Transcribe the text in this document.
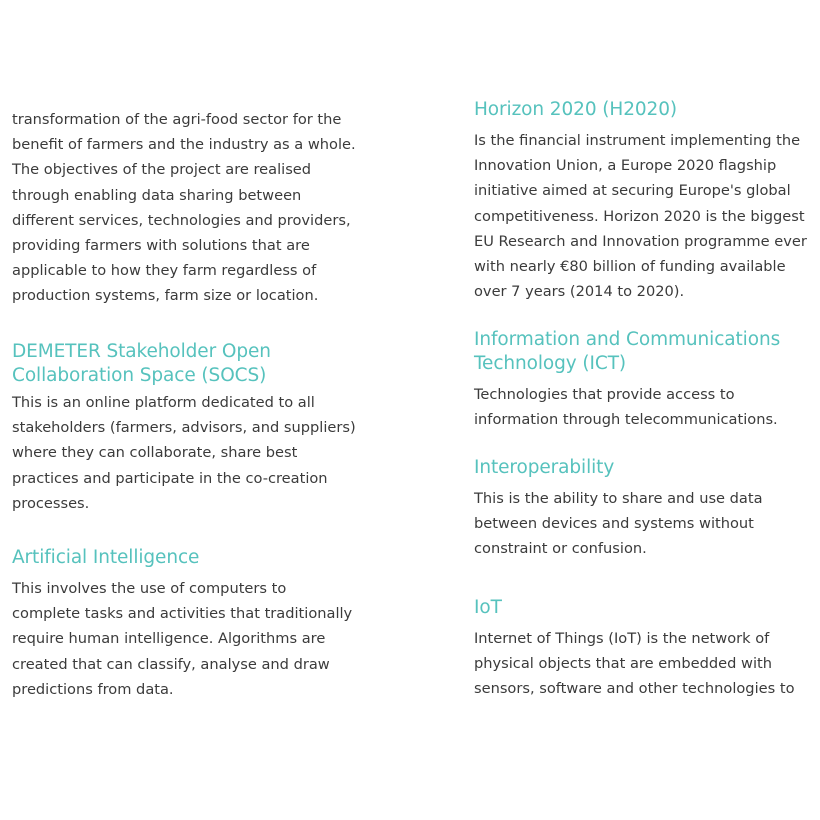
transformation of the agri-food sector for the
benefit of farmers and the industry as a whole.
The objectives of the project are realised
through enabling data sharing between
different services, technologies and providers,
providing farmers with solutions that are
applicable to how they farm regardless of
production systems, farm size or location.

DEMETER Stakeholder Open
Collaboration Space (SOCS)

This is an online platform dedicated to all
stakeholders (farmers, advisors, and suppliers)
where they can collaborate, share best
practices and participate in the co-creation
processes.

Artificial Intelligence

This involves the use of computers to
complete tasks and activities that traditionally
require human intelligence. Algorithms are
created that can classify, analyse and draw
predictions from data.

Horizon 2020 (H2020)

Is the financial instrument implementing the
Innovation Union, a Europe 2020 flagship
initiative aimed at securing Europe's global
competitiveness. Horizon 2020 is the biggest
EU Research and Innovation programme ever
with nearly €80 billion of funding available
over 7 years (2014 to 2020).

Information and Communications
Technology (ICT)

Technologies that provide access to
information through telecommunications.

Interoperability

This is the ability to share and use data
between devices and systems without
constraint or confusion.

IoT

Internet of Things (IoT) is the network of
physical objects that are embedded with
sensors, software and other technologies to
